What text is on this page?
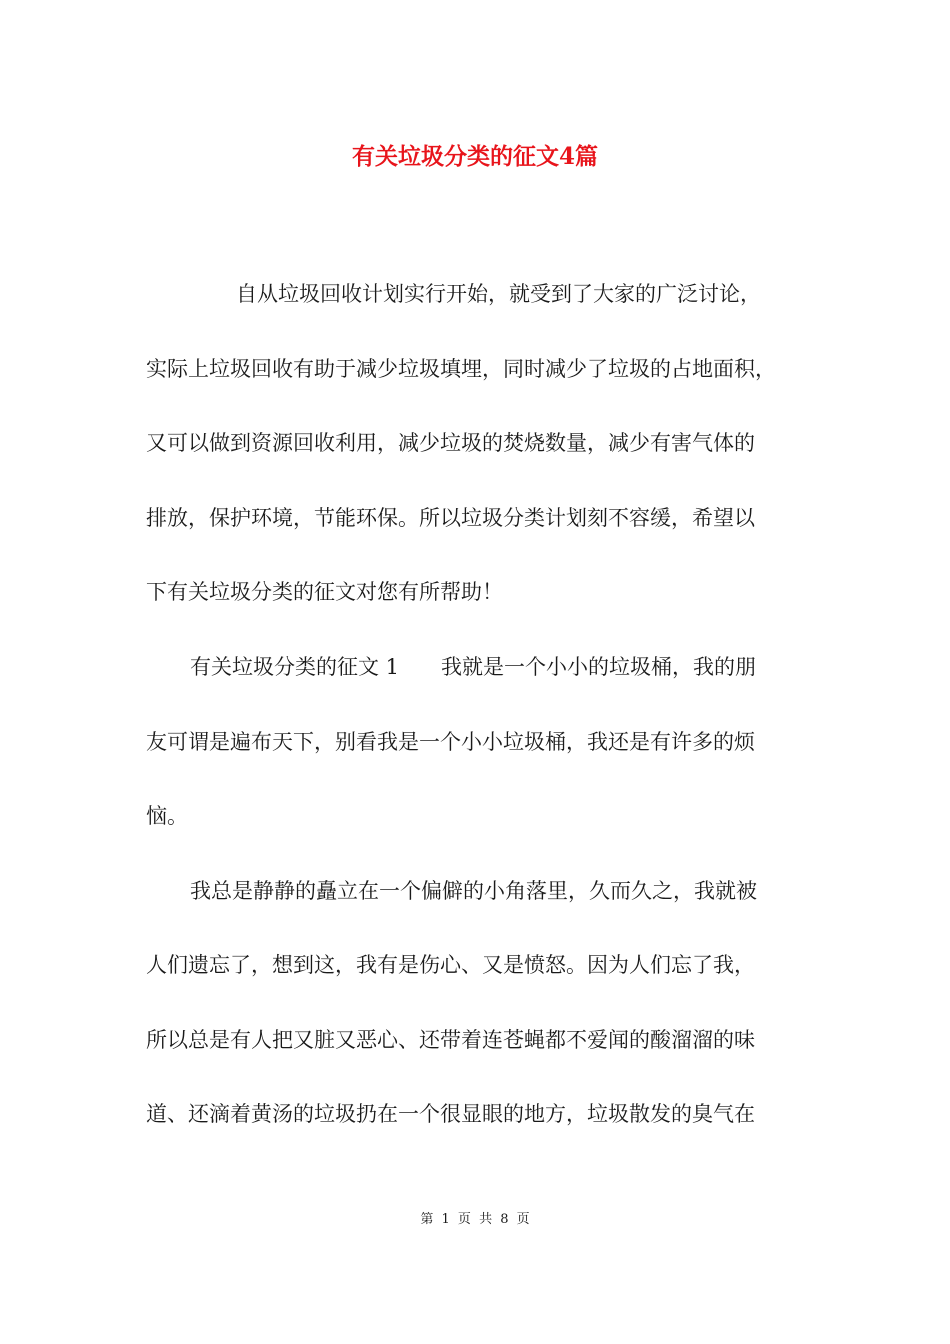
有关垃圾分类的征文4篇

自从垃圾回收计划实行开始，就受到了大家的广泛讨论，

实际上垃圾回收有助于减少垃圾填埋，同时减少了垃圾的占地面积，

又可以做到资源回收利用，减少垃圾的焚烧数量，减少有害气体的

排放，保护环境，节能环保。所以垃圾分类计划刻不容缓，希望以

下有关垃圾分类的征文对您有所帮助！

有关垃圾分类的征文 1　　我就是一个小小的垃圾桶，我的朋

友可谓是遍布天下，别看我是一个小小垃圾桶，我还是有许多的烦

恼。

我总是静静的矗立在一个偏僻的小角落里，久而久之，我就被

人们遗忘了，想到这，我有是伤心、又是愤怒。因为人们忘了我，

所以总是有人把又脏又恶心、还带着连苍蝇都不爱闻的酸溜溜的味

道、还滴着黄汤的垃圾扔在一个很显眼的地方，垃圾散发的臭气在

第 1 页 共 8 页
